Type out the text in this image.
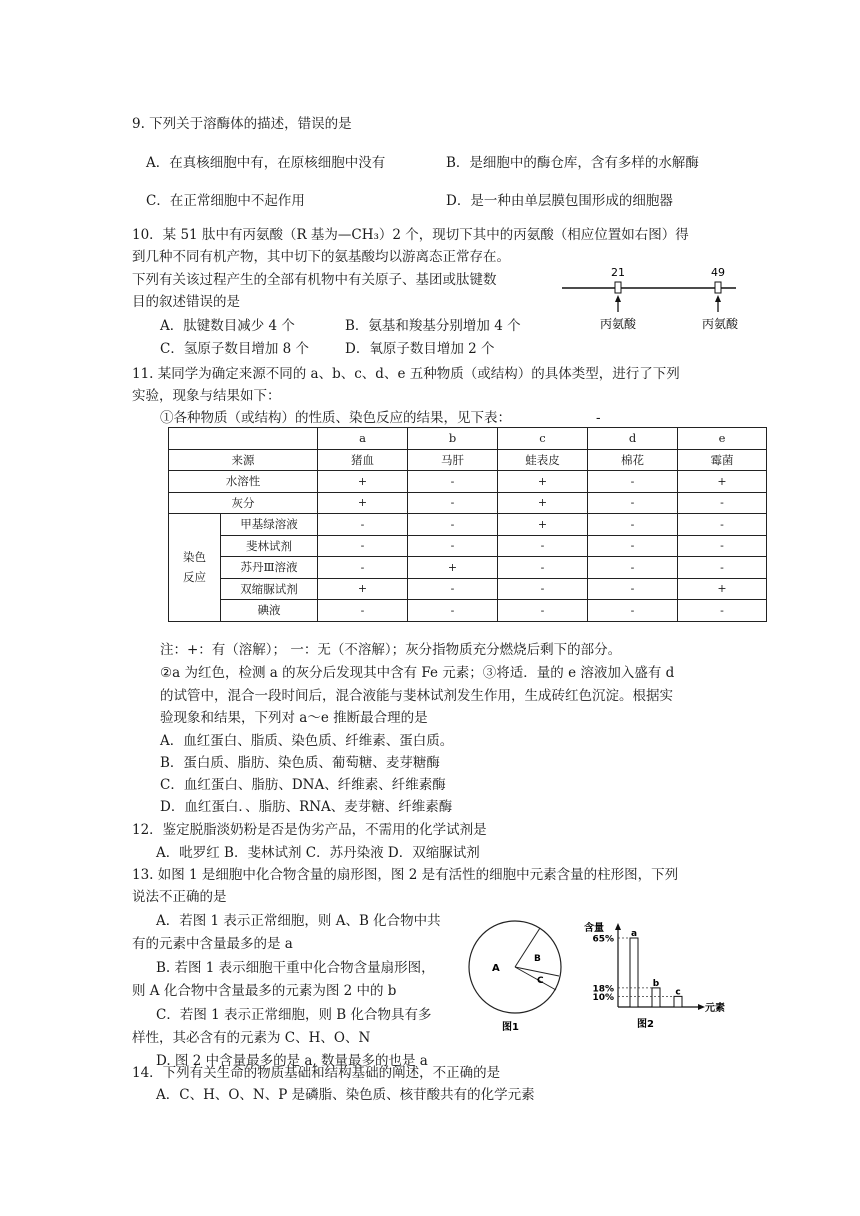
9. 下列关于溶酶体的描述，错误的是
A．在真核细胞中有，在原核细胞中没有	B．是细胞中的酶仓库，含有多样的水解酶
C．在正常细胞中不起作用	D．是一种由单层膜包围形成的细胞器
10．某 51 肽中有丙氨酸（R 基为—CH₃）2 个，现切下其中的丙氨酸（相应位置如右图）得
到几种不同有机产物，其中切下的氨基酸均以游离态正常存在。
下列有关该过程产生的全部有机物中有关原子、基团或肽键数
目的叙述错误的是
A．肽键数目减少 4 个	B．氨基和羧基分别增加 4 个
C．氢原子数目增加 8 个	D．氧原子数目增加 2 个
21	49
丙氨酸	丙氨酸
11. 某同学为确定来源不同的 a、b、c、d、e 五种物质（或结构）的具体类型，进行了下列
实验，现象与结果如下：
①各种物质（或结构）的性质、染色反应的结果，见下表：	-
		a	b	c	d	e
来源		猪血	马肝	蛙表皮	棉花	霉菌
水溶性		+	-	+	-	+
灰分		+	-	+	-	-
染色
反应	甲基绿溶液	-	-	+	-	-
	斐林试剂	-	-	-	-	-
	苏丹Ⅲ溶液	-	+	-	-	-
	双缩脲试剂	+	-	-	-	+
	碘液	-	-	-	-	-
注：+：有（溶解）； 一：无（不溶解）；灰分指物质充分燃烧后剩下的部分。
②a 为红色，检测 a 的灰分后发现其中含有 Fe 元素；③将适．量的 e 溶液加入盛有 d
的试管中，混合一段时间后，混合液能与斐林试剂发生作用，生成砖红色沉淀。根据实
验现象和结果，下列对 a～e 推断最合理的是
A．血红蛋白、脂质、染色质、纤维素、蛋白质。
B．蛋白质、脂肪、染色质、葡萄糖、麦芽糖酶
C．血红蛋白、脂肪、DNA、纤维素、纤维素酶
D．血红蛋白．、脂肪、RNA、麦芽糖、纤维素酶
12．鉴定脱脂淡奶粉是否是伪劣产品，不需用的化学试剂是
A．吡罗红 B．斐林试剂 C．苏丹染液 D．双缩脲试剂
13. 如图 1 是细胞中化合物含量的扇形图，图 2 是有活性的细胞中元素含量的柱形图，下列
说法不正确的是
A．若图 1 表示正常细胞，则 A、B 化合物中共
有的元素中含量最多的是 a
B. 若图 1 表示细胞干重中化合物含量扇形图，
则 A 化合物中含量最多的元素为图 2 中的 b
C．若图 1 表示正常细胞，则 B 化合物具有多
样性，其必含有的元素为 C、H、O、N
D. 图 2 中含量最多的是 a, 数量最多的也是 a
A
B
C
图1
含量
元素
65%
a
18%
b
10%
c
图2
14．下列有关生命的物质基础和结构基础的阐述，不正确的是
A．C、H、O、N、P 是磷脂、染色质、核苷酸共有的化学元素
